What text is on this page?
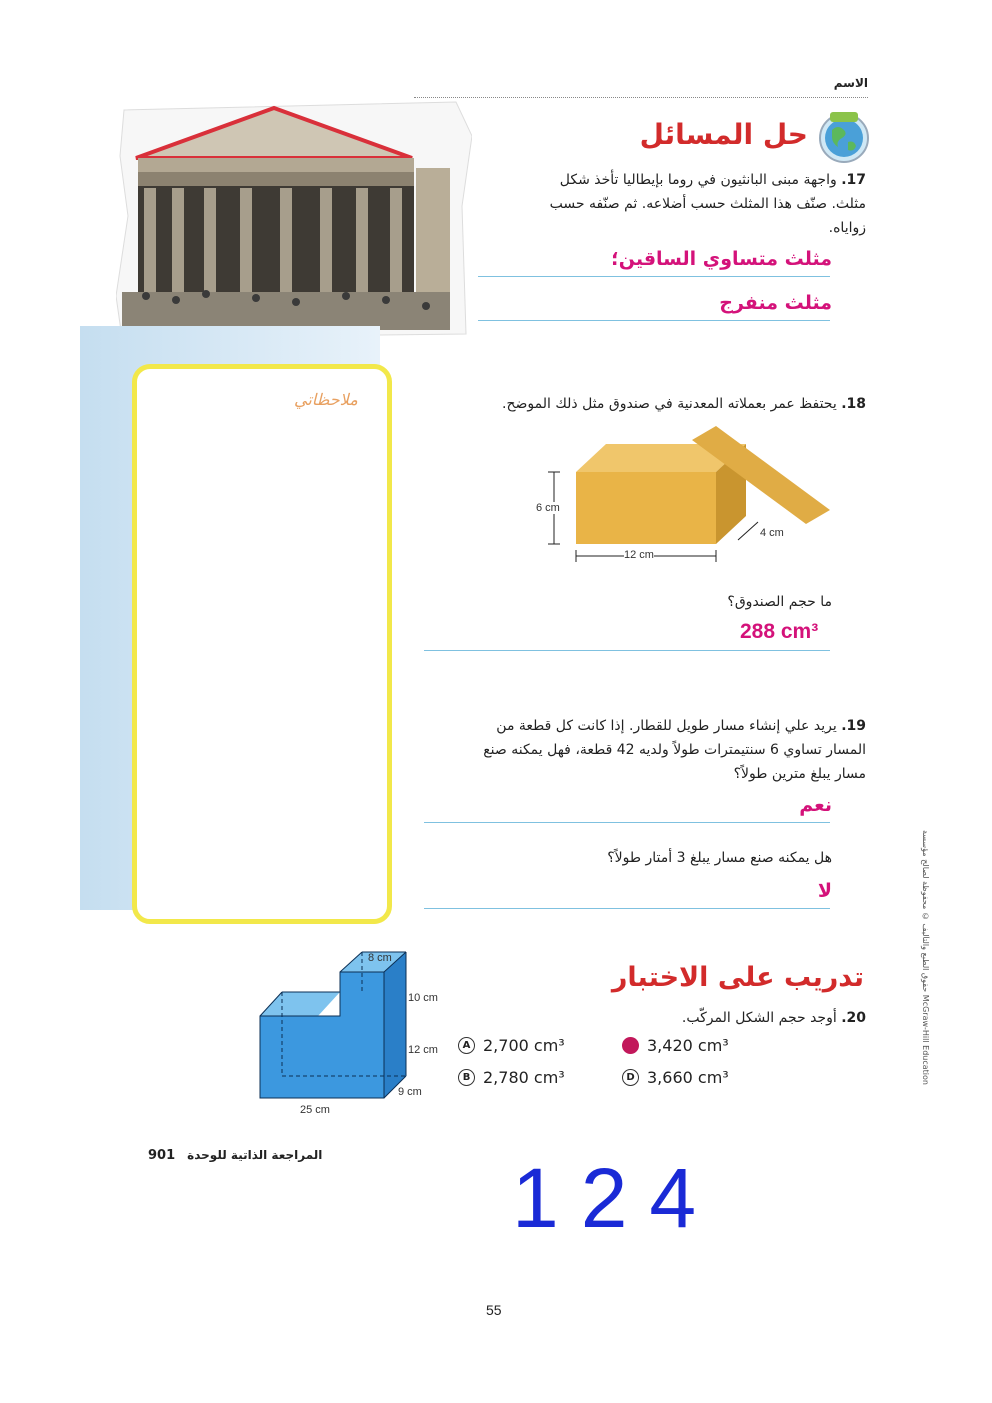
الاسم
حل المسائل
17. واجهة مبنى البانثيون في روما بإيطاليا تأخذ شكل مثلث. صنّف هذا المثلث حسب أضلاعه. ثم صنّفه حسب زواياه.
مثلث متساوي الساقين؛
مثلث منفرج
ملاحظاتي	18. يحتفظ عمر بعملاته المعدنية في صندوق مثل ذلك الموضح.
6 cm
12 cm
4 cm
ما حجم الصندوق؟
288 cm³
19. يريد علي إنشاء مسار طويل للقطار. إذا كانت كل قطعة من المسار تساوي 6 سنتيمترات طولاً ولديه 42 قطعة، فهل يمكنه صنع مسار يبلغ مترين طولاً؟
نعم
هل يمكنه صنع مسار يبلغ 3 أمتار طولاً؟
لا
تدريب على الاختبار
20. أوجد حجم الشكل المركّب.
8 cm
10 cm
12 cm
9 cm
25 cm
A 2,700 cm³
B 2,780 cm³
C 3,420 cm³
D 3,660 cm³
حقوق الطبع والتأليف © محفوظة لصالح مؤسسة McGraw-Hill Education
901 المراجعة الذاتية للوحدة 124
55
